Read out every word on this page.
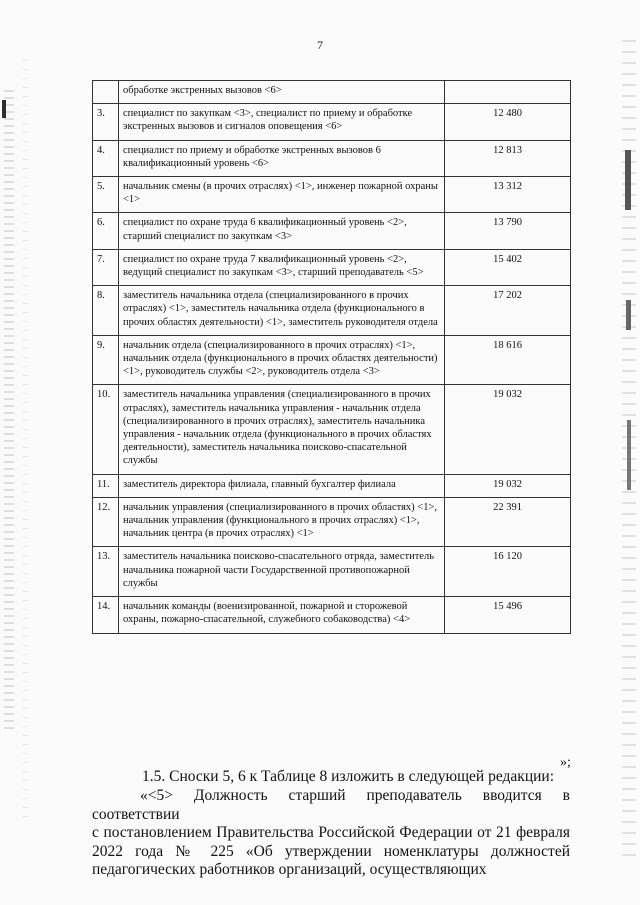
7
	обработке экстренных вызовов <6>	
3.	специалист по закупкам <3>, специалист по приему и обработке экстренных вызовов и сигналов оповещения <6>	12 480
4.	специалист по приему и обработке экстренных вызовов 6 квалификационный уровень <6>	12 813
5.	начальник смены (в прочих отраслях) <1>, инженер пожарной охраны <1>	13 312
6.	специалист по охране труда 6 квалификационный уровень <2>, старший специалист по закупкам <3>	13 790
7.	специалист по охране труда 7 квалификационный уровень <2>, ведущий специалист по закупкам <3>, старший преподаватель <5>	15 402
8.	заместитель начальника отдела (специализированного в прочих отраслях) <1>, заместитель начальника отдела (функционального в прочих областях деятельности) <1>, заместитель руководителя отдела	17 202
9.	начальник отдела (специализированного в прочих отраслях) <1>, начальник отдела (функционального в прочих областях деятельности) <1>, руководитель службы <2>, руководитель отдела <3>	18 616
10.	заместитель начальника управления (специализированного в прочих отраслях), заместитель начальника управления - начальник отдела (специализированного в прочих отраслях), заместитель начальника управления - начальник отдела (функционального в прочих областях деятельности), заместитель начальника поисково-спасательной службы	19 032
11.	заместитель директора филиала, главный бухгалтер филиала	19 032
12.	начальник управления (специализированного в прочих областях) <1>, начальник управления (функционального в прочих отраслях) <1>, начальник центра (в прочих отраслях) <1>	22 391
13.	заместитель начальника поисково-спасательного отряда, заместитель начальника пожарной части Государственной противопожарной службы	16 120
14.	начальник команды (военизированной, пожарной и сторожевой охраны, пожарно-спасательной, служебного собаководства) <4>	15 496
»;
1.5. Сноски 5, 6 к Таблице 8 изложить в следующей редакции:

«<5> Должность старший преподаватель вводится в соответствии

с постановлением Правительства Российской Федерации от 21 февраля 2022 года № 225 «Об утверждении номенклатуры должностей педагогических работников организаций, осуществляющих
